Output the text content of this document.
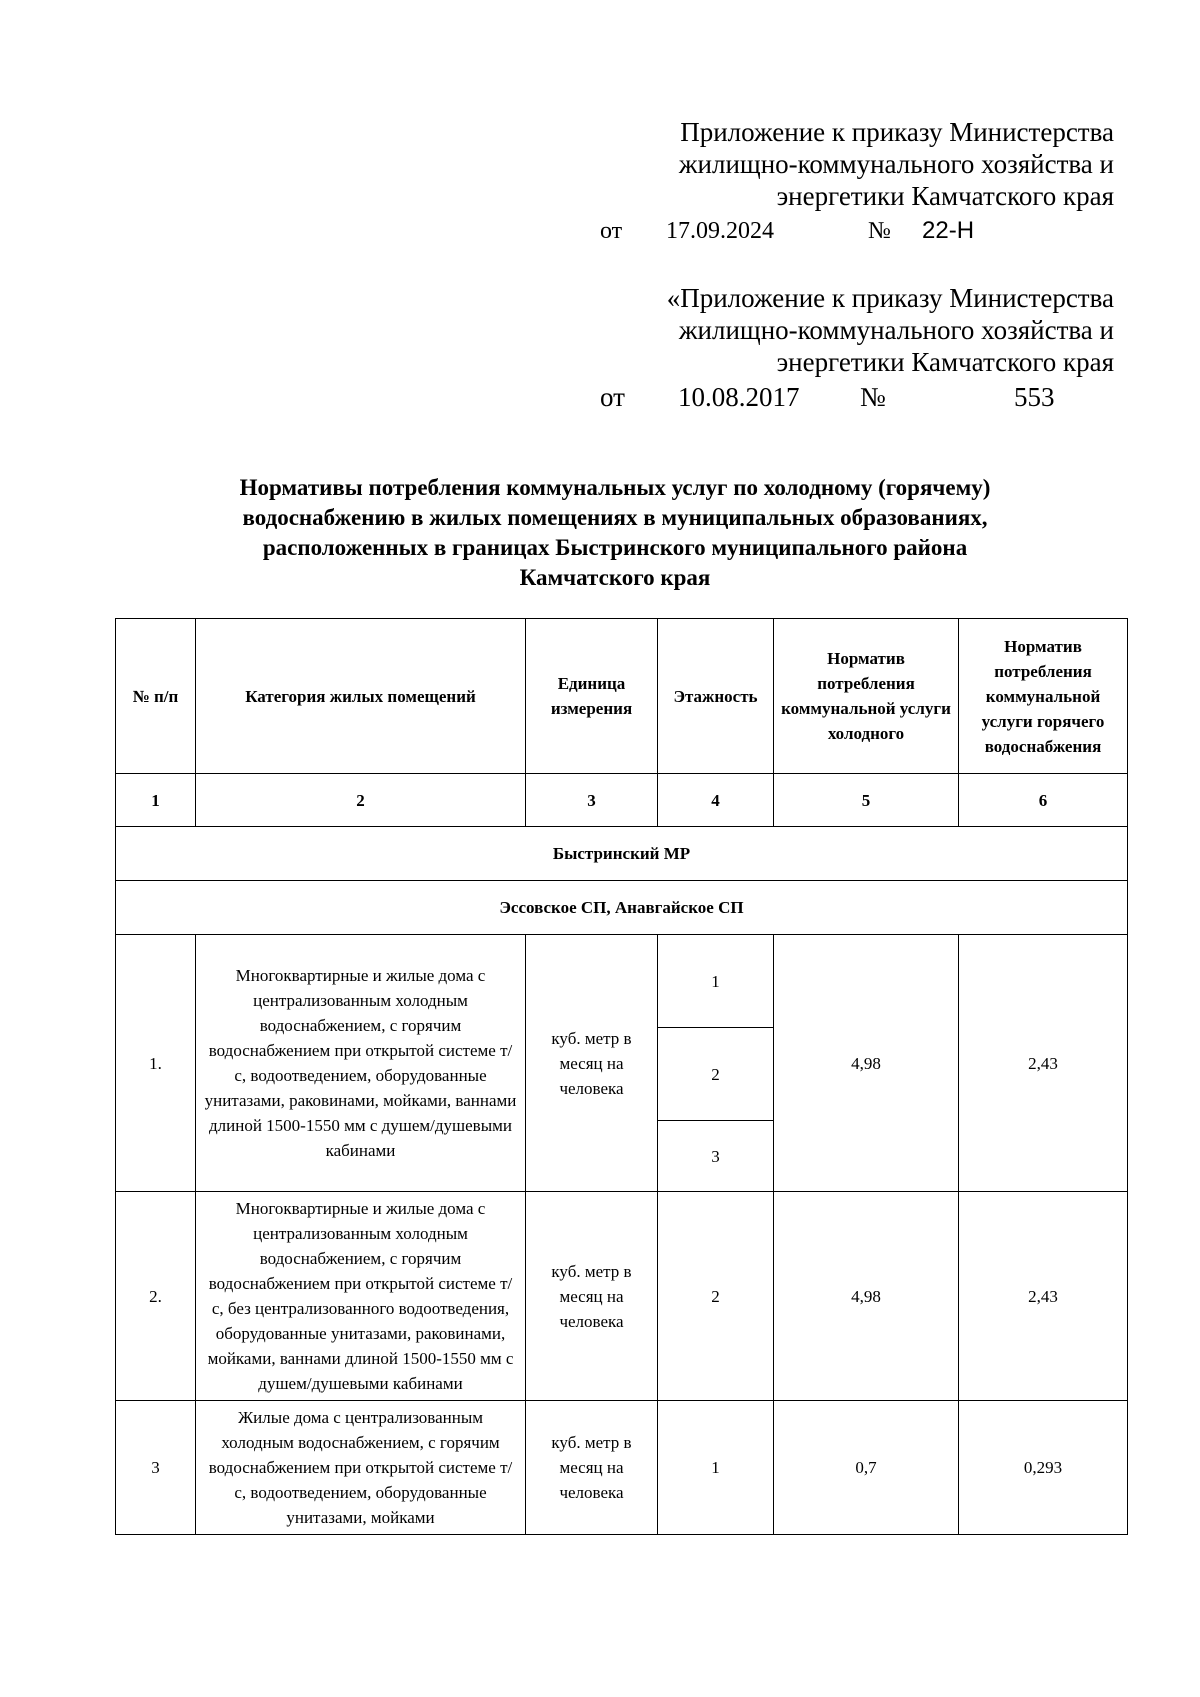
Приложение к приказу Министерства
жилищно-коммунального хозяйства и
энергетики Камчатского края
от 17.09.2024	№ 22-Н
«Приложение к приказу Министерства
жилищно-коммунального хозяйства и
энергетики Камчатского края
от 10.08.2017 №	553
Нормативы потребления коммунальных услуг по холодному (горячему)
водоснабжению в жилых помещениях в муниципальных образованиях,
расположенных в границах Быстринского муниципального района
Камчатского края
№ п/п	Категория жилых помещений	Единица измерения	Этажность	Норматив потребления коммунальной услуги холодного	Норматив потребления коммунальной услуги горячего водоснабжения
1	2	3	4	5	6
Быстринский МР					
Эссовское СП, Анавгайское СП					
1.	Многоквартирные и жилые дома с централизованным холодным водоснабжением, с горячим водоснабжением при открытой системе т/с, водоотведением, оборудованные унитазами, раковинами, мойками, ваннами длиной 1500-1550 мм с душем/душевыми кабинами	куб. метр в месяц на человека	1	4,98	2,43
			2		
			3		
2.	Многоквартирные и жилые дома с централизованным холодным водоснабжением, с горячим водоснабжением при открытой системе т/с, без централизованного водоотведения, оборудованные унитазами, раковинами, мойками, ваннами длиной 1500-1550 мм с душем/душевыми кабинами	куб. метр в месяц на человека	2	4,98	2,43
3	Жилые дома с централизованным холодным водоснабжением, с горячим водоснабжением при открытой системе т/с, водоотведением, оборудованные унитазами, мойками	куб. метр в месяц на человека	1	0,7	0,293
